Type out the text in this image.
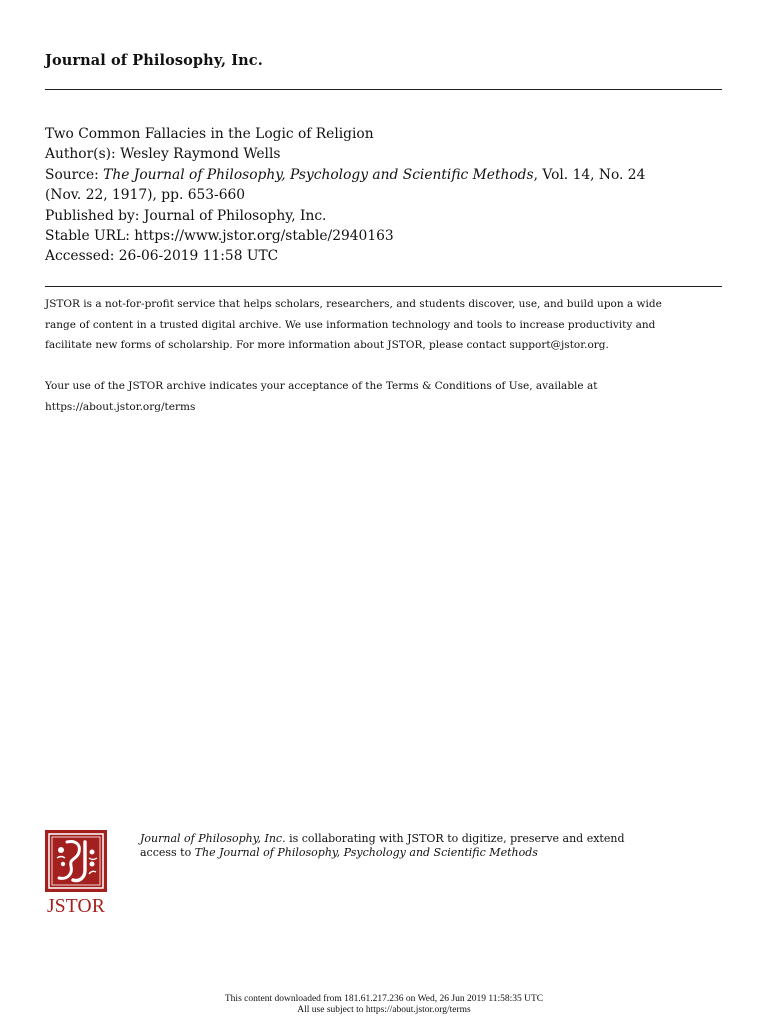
Journal of Philosophy, Inc.
Two Common Fallacies in the Logic of Religion
Author(s): Wesley Raymond Wells
Source: The Journal of Philosophy, Psychology and Scientific Methods, Vol. 14, No. 24
(Nov. 22, 1917), pp. 653-660
Published by: Journal of Philosophy, Inc.
Stable URL: https://www.jstor.org/stable/2940163
Accessed: 26-06-2019 11:58 UTC
JSTOR is a not-for-profit service that helps scholars, researchers, and students discover, use, and build upon a wide
range of content in a trusted digital archive. We use information technology and tools to increase productivity and
facilitate new forms of scholarship. For more information about JSTOR, please contact support@jstor.org.
Your use of the JSTOR archive indicates your acceptance of the Terms & Conditions of Use, available at
https://about.jstor.org/terms
JSTOR
Journal of Philosophy, Inc. is collaborating with JSTOR to digitize, preserve and extend
access to The Journal of Philosophy, Psychology and Scientific Methods
This content downloaded from 181.61.217.236 on Wed, 26 Jun 2019 11:58:35 UTC
All use subject to https://about.jstor.org/terms
